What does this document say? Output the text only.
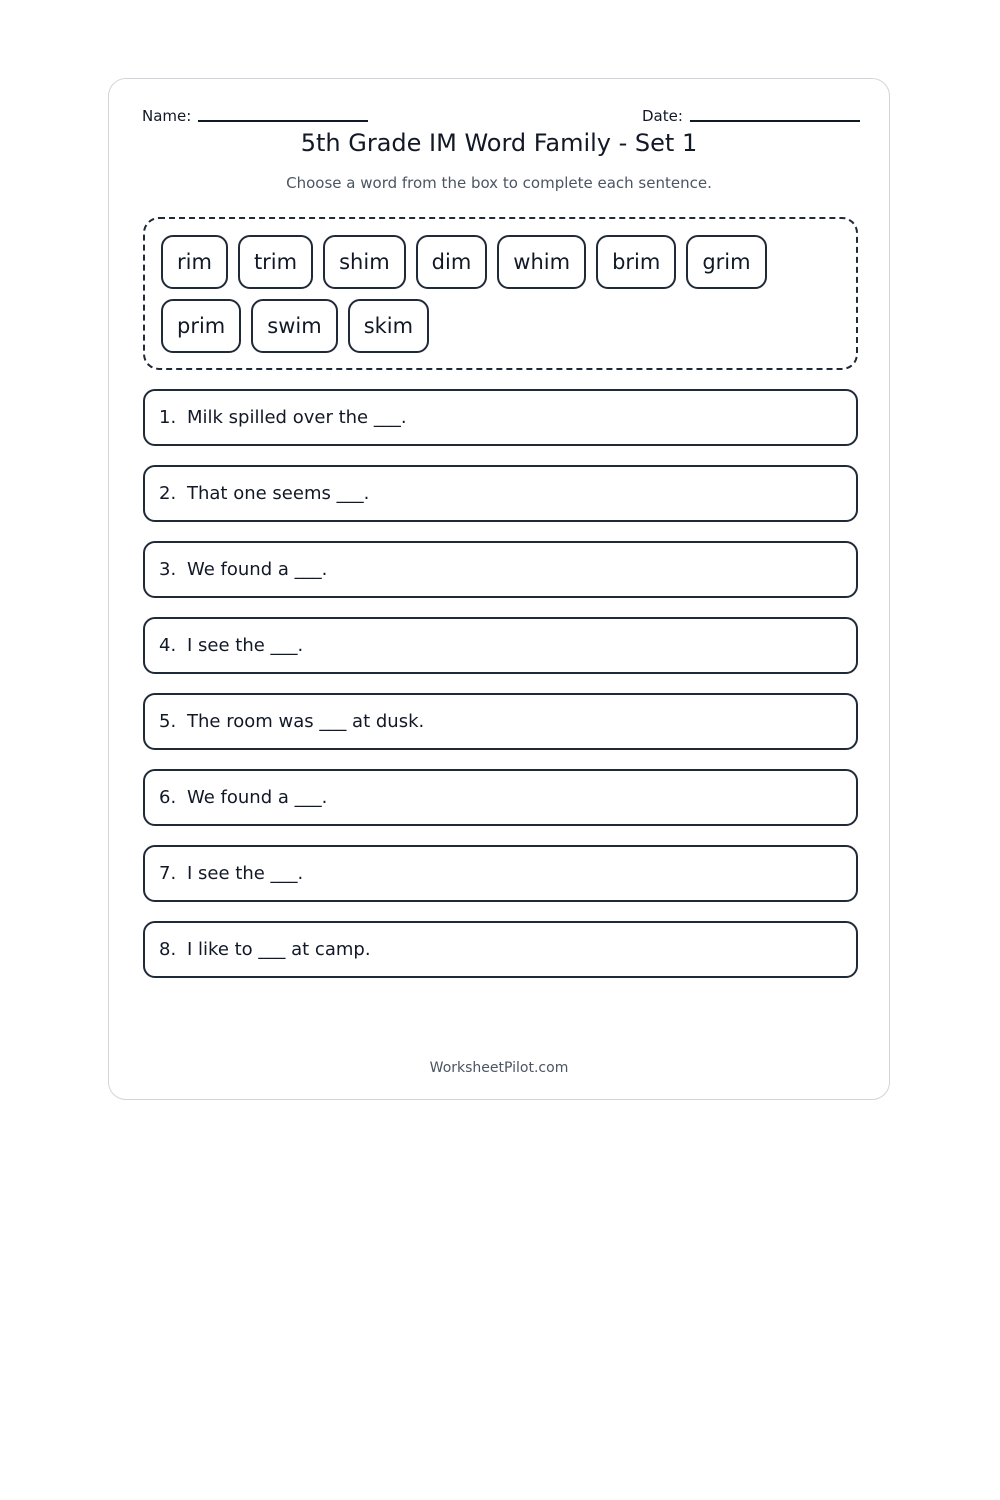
Name:	Date:
5th Grade IM Word Family - Set 1
Choose a word from the box to complete each sentence.
rim	trim	shim	dim	whim	brim	grim
prim	swim	skim
1. Milk spilled over the ___.
2. That one seems ___.
3. We found a ___.
4. I see the ___.
5. The room was ___ at dusk.
6. We found a ___.
7. I see the ___.
8. I like to ___ at camp.
WorksheetPilot.com
